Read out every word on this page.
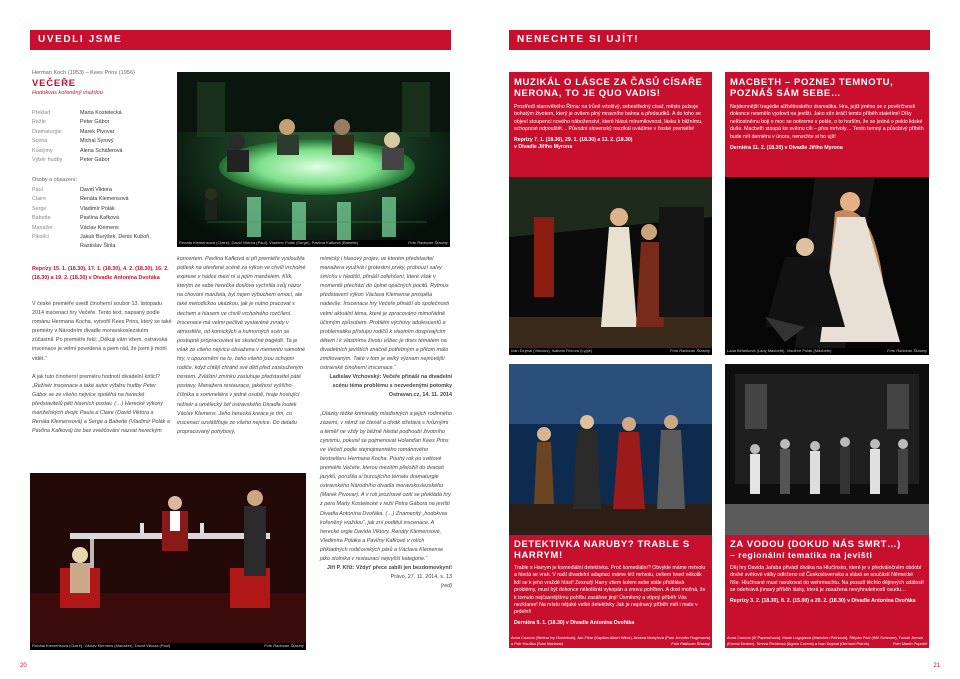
UVEDLI JSME	NENECHTE SI UJÍT!
Herman Koch (1953) – Kees Prins (1956)
VEČEŘE
Hodokvas kořeněný vraždou
Překlad	Marta Kostelecká
Režie	Peter Gábor
Dramaturgie	Marek Pivovar
Scéna	Michal Syrový
Kostýmy	Alena Schäferová
Výběr hudby	Peter Gábor
Osoby a obsazení:
Paul	David Viktora
Claire	Renáta Klemensová
Serge	Vladimír Polák
Babette	Pavlína Kafková
Manažer	Václav Klemens
Pikolíci	Jakub Burýšek, Denis Kuboň, Rastislav Širila
Reprízy 15. 1. (18.30), 17. 1. (18.30), 4. 2. (18.30), 16. 2. (18.30) a 19. 2. (18.30) v Divadle Antonína Dvořáka

V české premiéře uvedl činoherní soubor 13. listopadu 2014 inscenaci hry Večeře. Tento text, napsaný podle románu Hermana Kocha, vytvořil Kees Prins, který se také premiéry v Národním divadle moravskoslezském zúčastnil. Po premiéře řekl: „Děkuji vám všem, ostravská inscenace je velmi povedená a jsem rád, že jsem ji mohl vidět.“

A jak tuto činoherní premiéru hodnotí divadelní kritici?

„Režisér inscenace a také autor výběru hudby Peter Gábor se ze všeho nejvíce spoléhá na herecké představitelů pěti hlavních postav. (…) Herecké výkony manželských dvojic Paula a Claire (David Viktora a Renáta Klemensová) a Serge a Babette (Vladimír Polák a Pavlína Kafková) lze bez zveličování nazvat hereckým

Renáta Klemensová (Claire), David Viktora (Paul), Vladimír Polák (Serge), Pavlína Kafková (Babette)	Foto Radovan Šťastný
koncertem. Pavlína Kafková si při premiéře vysloužila potlesk na otevřené scéně za výkon ve chvíli vrcholné exprese v hádce mezi ní a jejím manželem. Klík, kterým ze sebe herečka doslova vychrlila svůj názor na chování manžela, byl nejen výbuchem emocí, ale také metodickou ukázkou, jak je nutno pracovat s dechem a hlasem ve chvíli vrcholného rozčílení. Inscenace má velmi pečlivě vystavěné zvraty v atmosféře, od komických a humorných scén se postupně propracovává ke skutečné tragédii. Ta je však ze všeho nejvíce obsažena v mementu samotné hry, v upozornění na to, čeho všeho jsou schopni rodiče, když chtějí chránit své děti před zaslouženým trestem. Zvláštní zmínku zasluhuje představitel páté postavy, Manažera restaurace, jakéhosi vyššího číšníka a sommeliéra v jedné osobě, hraje hostující režisér a umělecký šéf ostravského Divadla loutek Václav Klemens. Jeho herecká kreace je tím, co inscenaci ozvláštňuje ze všeho nejvíce. Do detailu propracovaný pohybový,

mimický i hlasový projev, ve kterém představitel manažera využívá i groteskní prvky, probouzí salvy smíchu v hledišti, přináší odlehčení, které však v momentě přechází do úplné opačných pocitů. Rytmus představení výkon Václava Klemense prospěla nadevše. Inscenace hry Večeře přináší do společnosti velmi aktuální téma, které je zpracováno mimořádně účinným způsobem. Problém výchovy adolescentů a problematika přístupu rodičů k vlastním dospívajícím dětem i k vlastnímu životu vůbec je dnes tématem na divadelních jevištích značně potřebným a přitom málo zmiňovaným. Také v tom je velký význam nejnovější ostravské činoherní inscenace.“

Ladislav Vrchovský: Večeře přináší na divadelní scénu téma problému s nezvedenými potomky

Ostravan.cz, 14. 11. 2014

„Otázky těžké kriminality mladistvých a jejich rodinného zázemí, v němž se čtenář a divák střetává s hrůznými a téměř ne vždy by běžně hledat podhoubí životního cynismu, pokusil se pojmenovat Holanďan Kees Prins ve Večeři podle stejnojmenného románového bestselleru Hermana Kocha. Pouhý rok po světové premiéře Večeře, kterou mezitím přeložili do dvaceti jazyků, porušila si burcujícího tématu dramaturgie ostravského Národního divadla moravskoslezského (Marek Pivovar). A v roli prozíravé ozití se překládá hry z pera Marty Kostelecké v režii Petra Gábora na jevišti Divadla Antonína Dvořáka. (…) Znamenitý „hodokvas kořeněný vraždou“, jak zní podtitul inscenace. A herecké orgie Davida Viktory, Renáty Klemensové, Vladimíra Poláka a Pavlíny Kafkové v rolích příkladných rodičovských párů a Václava Klemense jako stolníka v restauraci nejvyšší kategorie.“

Jiří P. Kříž: Vždyť přece zabili jen bezdomovkyni!

Právo, 27. 11. 2014, s. 13

(red)

Renáta Klemensová (Claire), Václav Klemens (Manažer), David Viktora (Paul)	Foto Radovan Šťastný
20
MUZIKÁL O LÁSCE ZA ČASŮ CÍSAŘE NERONA, TO JE QUO VADIS!

Prostředí starověkého Říma: na trůně vrtošivý, sebestředný císař, město pulsuje bohatým životem, který je ovšem plný mravního bahna a předsudků. A do toho se objeví stoupenci nového náboženství, které hlásá mírumilovnost, lásku k bližnímu, schopnost odpouštět… Původní slovenský muzikál uvádíme v české premiéře!

Reprízy 7. 1. (18.30), 29. 1. (18.30) a 13. 2. (18.30)

v Divadle Jiřího Myrona

Ivan Dejmal (Vinicius), Isabela Firková (Lygie)	Foto Radovan Šťastný
MACBETH – POZNEJ TEMNOTU, POZNÁŠ SÁM SEBE…

Nejdemnější tragédie alžbětinského dramatika. Hra, jejíž jméno se z pověrčivosti dokonce nesmělo vyslovit na jevišti. Jako stín kráčí temto příběh staletími! Díky nelítostnému boji o moc se ootireme v pekle, o to horším, že se jedná o peklo lidské duše. Macbeth stoupá ke svému cíli – přes mrtvoly… Tento temný a působivý příběh bude mít derniéru v únoru, nenechte si ho ujít!

Derniéra 11. 2. (18.30) v Divadle Jiřího Myrona

Lada Bělašková (Lady Macbeth), Vladimír Polák (Macbeth)	Foto Radovan Šťastný
DETEKTIVKA NARUBY? TRABLE S HARRYM!

Trable s Harrym je komediální detektivka. Proč komediální? Obvykle máme mrtvolu a hledá se vrah. V naší divadelní adaptaci máme též mrtvolu, ovšem hned několik lidí se k jeho vraždě hlásí! Zesnulý Harry všem kolem sebe stále přidělává problémy, musí být dokonce několikrát vykopán a znovu pohřben. A dost možná, že k tomuto nejčasnějšímu pohřbu zasáhne jiný! Úsměvný a vtipný příběh Vás nezklame! Na místo nějaké velké detektivky Jak je napínavý příběh měl i mate v prdelní!

Derniéra 9. 1. (18.30) v Divadle Antonína Dvořáka

Anna Cónová (Slečna Ivy Gravelová), Jan Fišar (Kapitán Albert Wiles), Andrea Mohylová (Paní Jennifer Rogersová) a Petr Houška (Sam Marlowe)	Foto Radovan Šťastný
ZA VODOU (DOKUD NÁS SMRT…)
– regionální tematika na jevišti

Děj hry Davida Jařaba přivádí diváka na Hlučínsko, které je v předválečném období druhé světové války odtrženo od Československa a stává se součástí Německé říše. Hlučínané musí narukovat do wehrmachtu. Na pozadí těchto dějinných událostí se odehrává jímavý příběh lásky, která je zasažena nevyhnutelností osudu…

Reprízy 3. 2. (18.30), 8. 2. (15.00) a 20. 2. (18.30) v Divadle Antonína Dvořáka

Anna Cónová (El Papeschová), Marie Logojdová (Marichen Petrková), Štěpán Pácl (Wili Schewer), Tomáš Jirman (Ernest Decker), Tereza Richtrová (Agnes Czerná) a Ivan Dejmal (Gerhard Petrek)	Foto Martin Popelář
21
